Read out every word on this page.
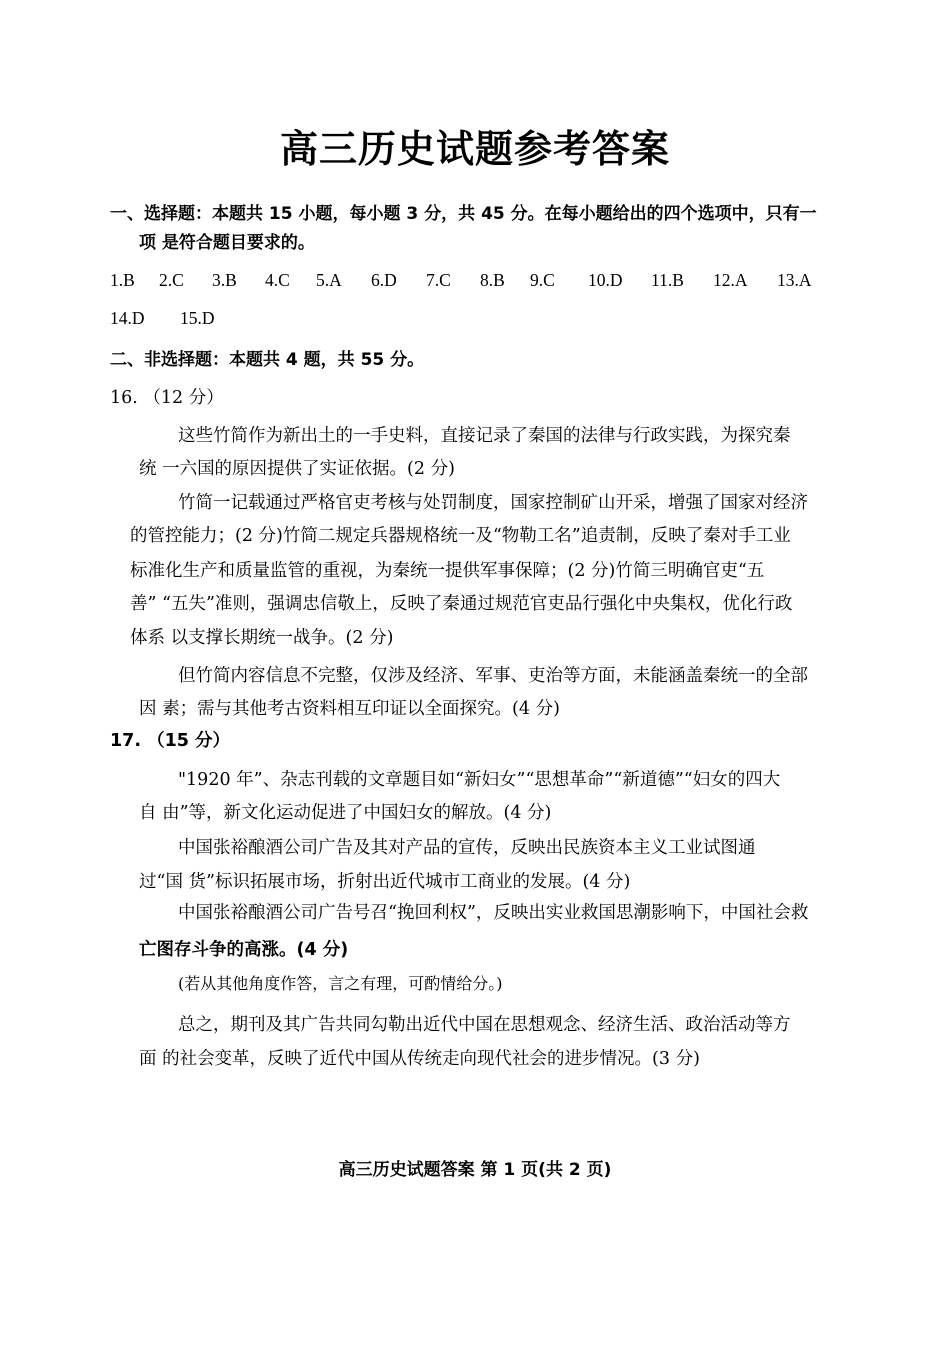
高三历史试题参考答案
一、选择题：本题共 15 小题，每小题 3 分，共 45 分。在每小题给出的四个选项中，只有一
项 是符合题目要求的。
1.B 2.C 3.B 4.C 5.A 6.D 7.C 8.B 9.C 10.D 11.B 12.A 13.A
14.D 15.D
二、非选择题：本题共 4 题，共 55 分。
16. （12 分）
这些竹简作为新出土的一手史料，直接记录了秦国的法律与行政实践，为探究秦
统 一六国的原因提供了实证依据。(2 分)
竹简一记载通过严格官吏考核与处罚制度，国家控制矿山开采，增强了国家对经济
的管控能力；(2 分)竹简二规定兵器规格统一及“物勒工名”追责制，反映了秦对手工业
标准化生产和质量监管的重视，为秦统一提供军事保障；(2 分)竹简三明确官吏“五
善” “五失”准则，强调忠信敬上，反映了秦通过规范官吏品行强化中央集权，优化行政
体系 以支撑长期统一战争。(2 分)
但竹简内容信息不完整，仅涉及经济、军事、吏治等方面，未能涵盖秦统一的全部
因 素；需与其他考古资料相互印证以全面探究。(4 分)
17. （15 分）
"1920 年”、杂志刊载的文章题目如“新妇女”“思想革命”“新道德”“妇女的四大
自 由”等，新文化运动促进了中国妇女的解放。(4 分)
中国张裕酿酒公司广告及其对产品的宣传，反映出民族资本主义工业试图通
过“国 货”标识拓展市场，折射出近代城市工商业的发展。(4 分)
中国张裕酿酒公司广告号召“挽回利权”，反映出实业救国思潮影响下，中国社会救
亡图存斗争的高涨。(4 分)
(若从其他角度作答，言之有理，可酌情给分。)
总之，期刊及其广告共同勾勒出近代中国在思想观念、经济生活、政治活动等方
面 的社会变革，反映了近代中国从传统走向现代社会的进步情况。(3 分)
高三历史试题答案 第 1 页(共 2 页)
